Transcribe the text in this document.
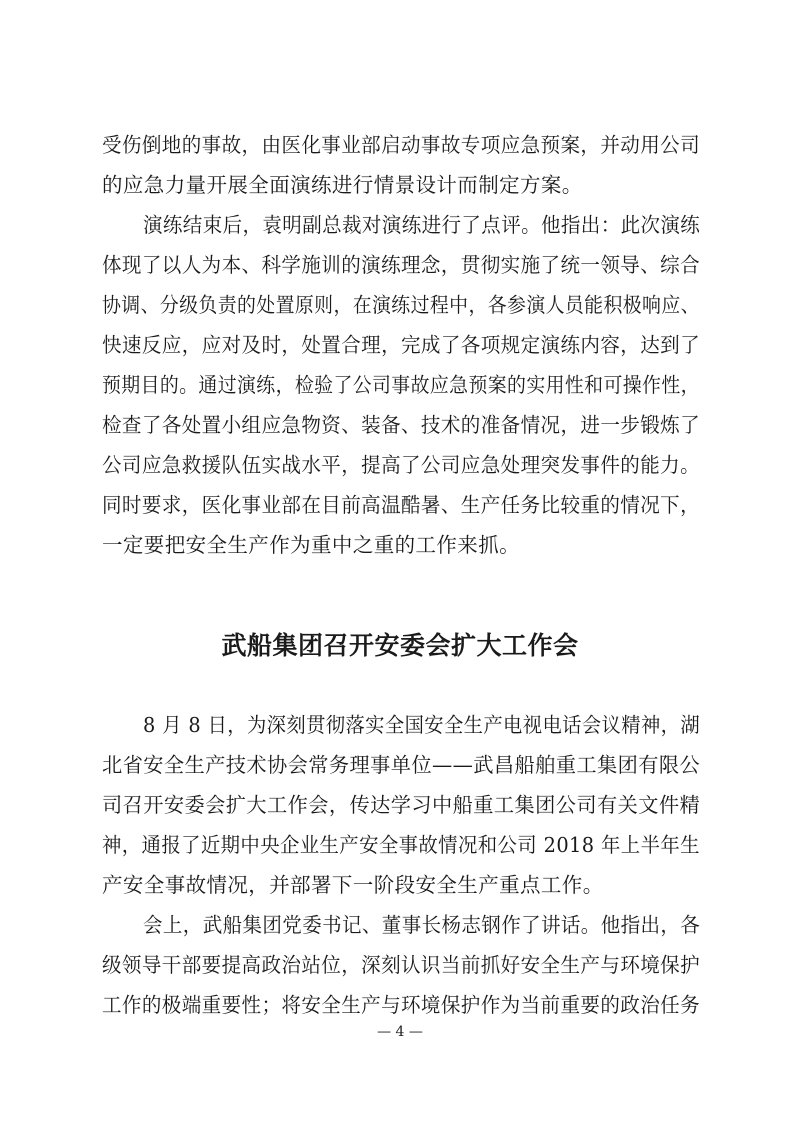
受伤倒地的事故，由医化事业部启动事故专项应急预案，并动用公司
的应急力量开展全面演练进行情景设计而制定方案。
演练结束后，袁明副总裁对演练进行了点评。他指出：此次演练
体现了以人为本、科学施训的演练理念，贯彻实施了统一领导、综合
协调、分级负责的处置原则，在演练过程中，各参演人员能积极响应、
快速反应，应对及时，处置合理，完成了各项规定演练内容，达到了
预期目的。通过演练，检验了公司事故应急预案的实用性和可操作性，
检查了各处置小组应急物资、装备、技术的准备情况，进一步锻炼了
公司应急救援队伍实战水平，提高了公司应急处理突发事件的能力。
同时要求，医化事业部在目前高温酷暑、生产任务比较重的情况下，
一定要把安全生产作为重中之重的工作来抓。
武船集团召开安委会扩大工作会
8 月 8 日，为深刻贯彻落实全国安全生产电视电话会议精神，湖
北省安全生产技术协会常务理事单位——武昌船舶重工集团有限公
司召开安委会扩大工作会，传达学习中船重工集团公司有关文件精
神，通报了近期中央企业生产安全事故情况和公司 2018 年上半年生
产安全事故情况，并部署下一阶段安全生产重点工作。
会上，武船集团党委书记、董事长杨志钢作了讲话。他指出，各
级领导干部要提高政治站位，深刻认识当前抓好安全生产与环境保护
工作的极端重要性；将安全生产与环境保护作为当前重要的政治任务
— 4 —
